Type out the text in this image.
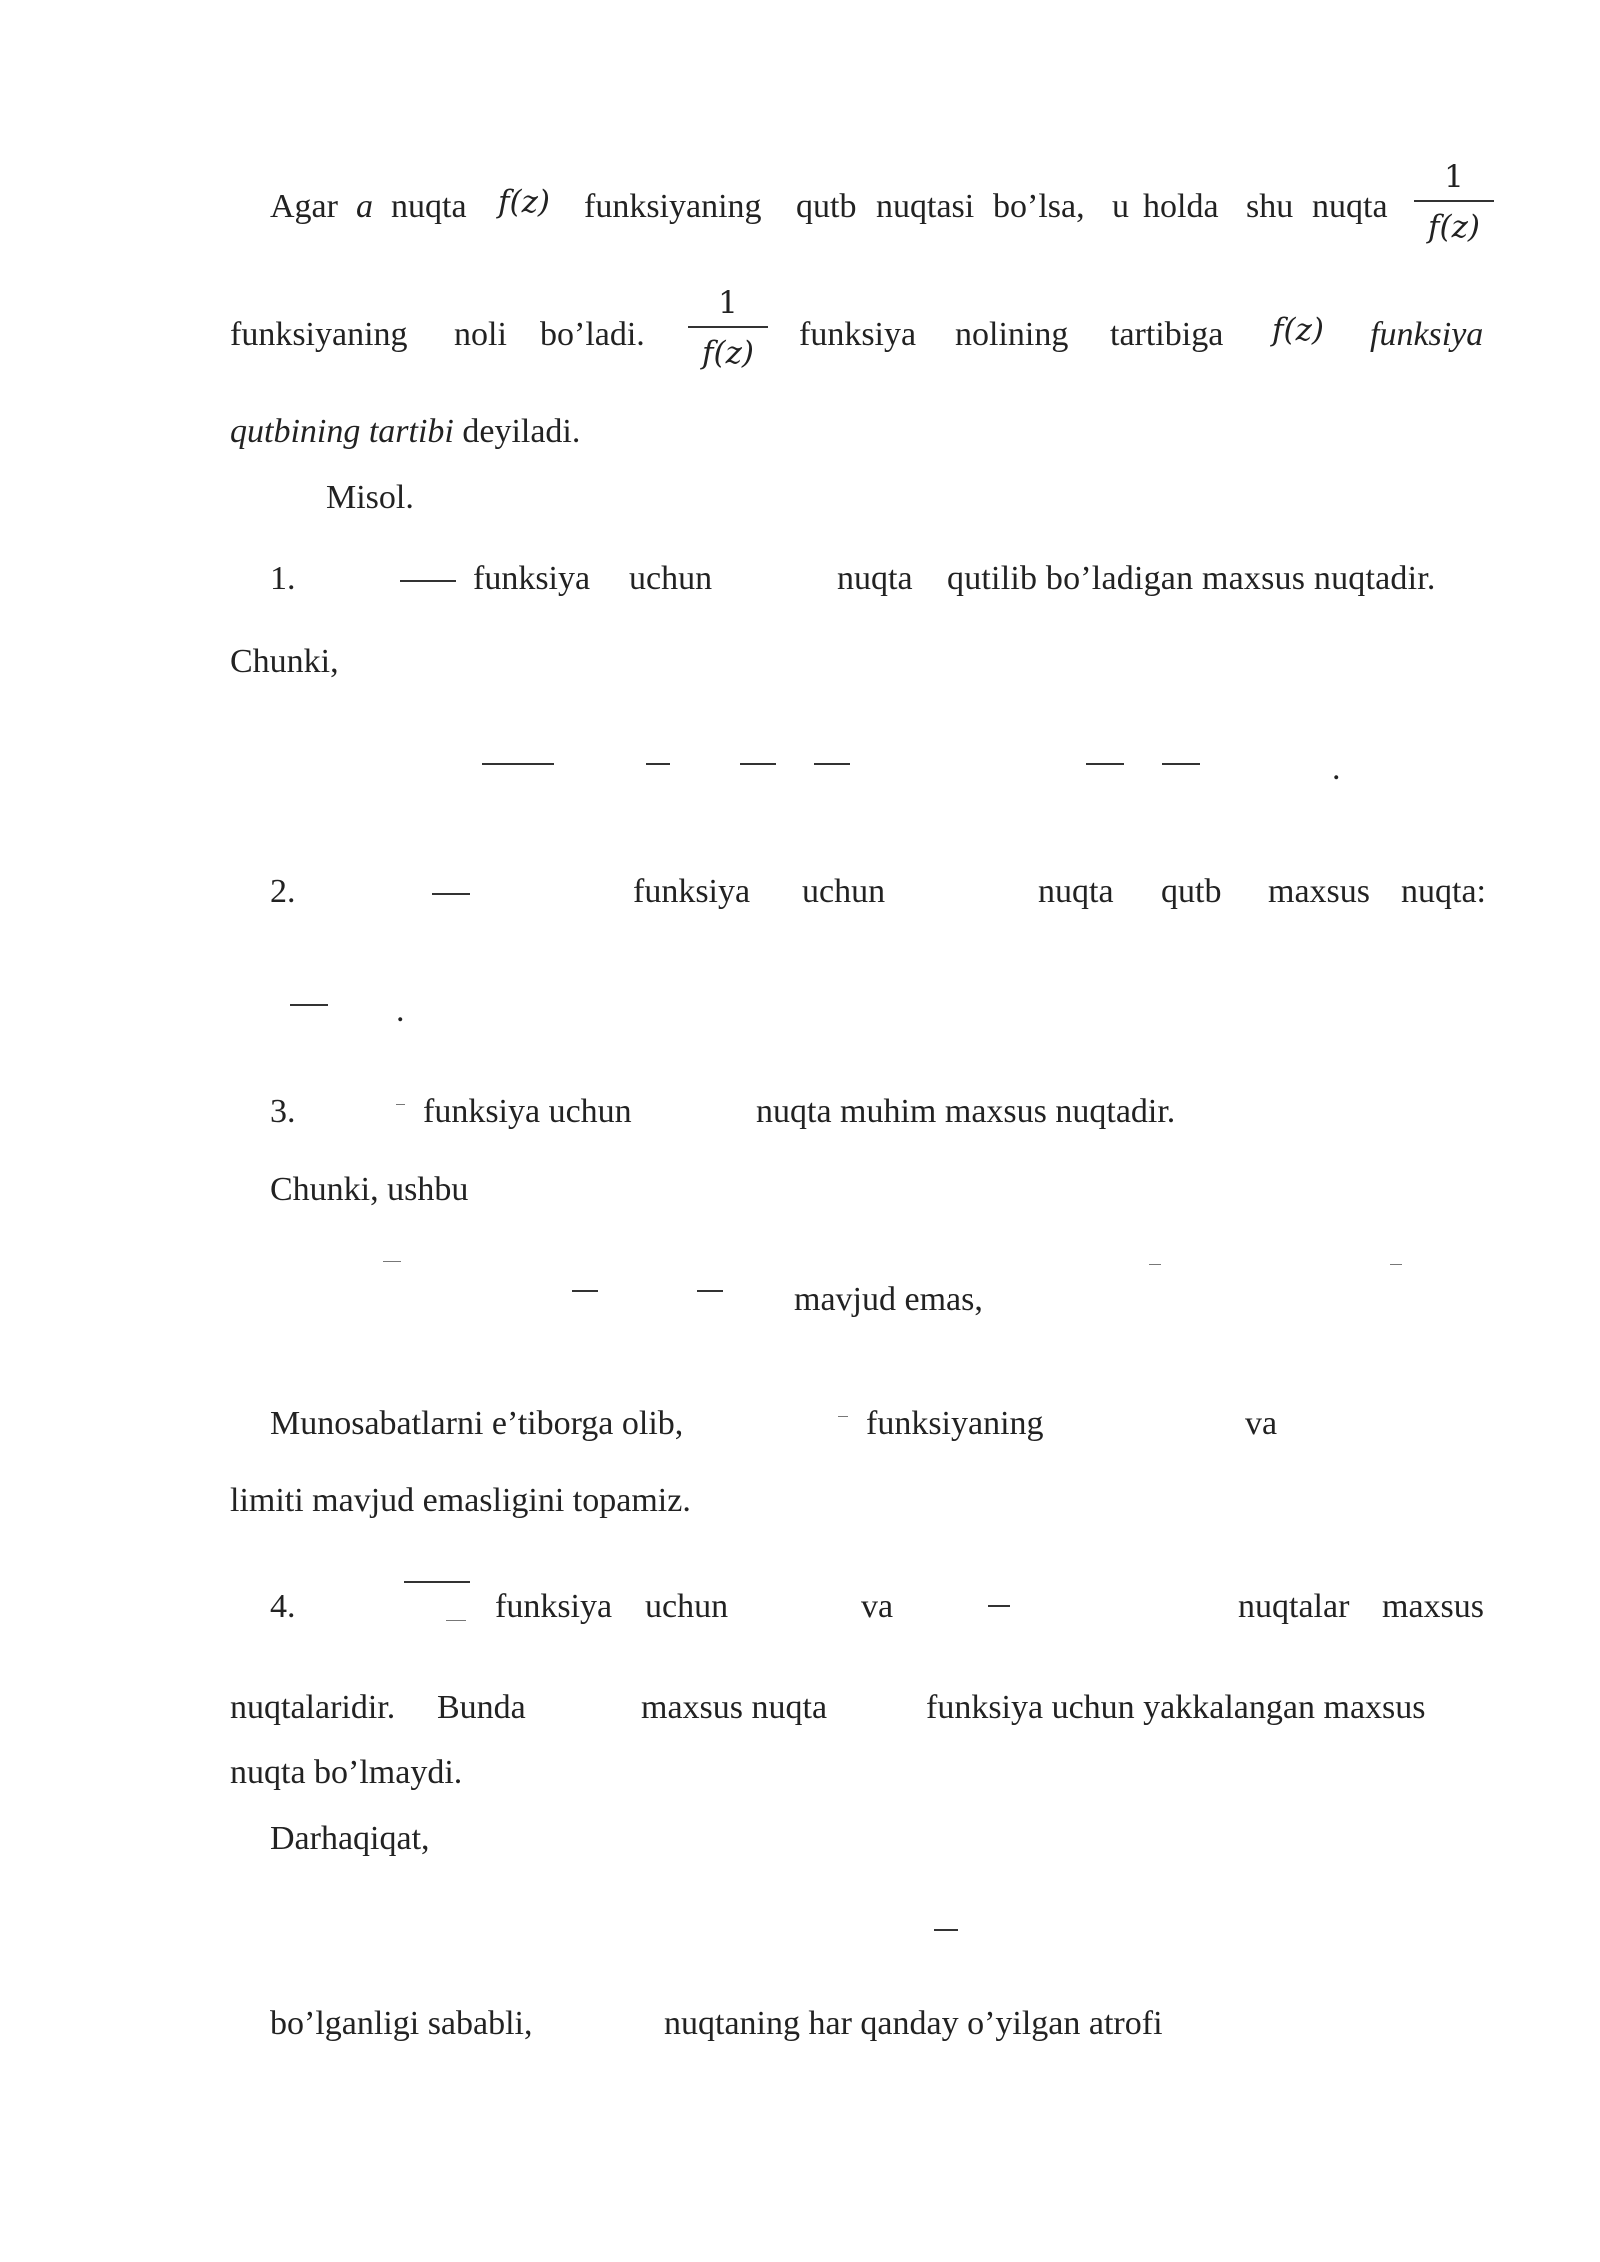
Agar a nuqta f(z) funksiyaning qutb nuqtasi bo’lsa, u holda shu nuqta
1
f(z)
funksiyaning noli bo’ladi.
1
f(z)
funksiya nolining tartibiga f(z) funksiya
qutbining tartibi deyiladi.
Misol.
1.	funksiya uchun	nuqta qutilib bo’ladigan maxsus nuqtadir.
Chunki,
.
2.	funksiya uchun	nuqta qutb maxsus nuqta:
.
3.	funksiya uchun	nuqta muhim maxsus nuqtadir.
Chunki, ushbu
mavjud emas,
Munosabatlarni e’tiborga olib,	funksiyaning	va
limiti mavjud emasligini topamiz.
4.	funksiya uchun	va	nuqtalar maxsus
nuqtalaridir. Bunda	maxsus nuqta	funksiya uchun yakkalangan maxsus
nuqta bo’lmaydi.
Darhaqiqat,
bo’lganligi sababli,	nuqtaning har qanday o’yilgan atrofi
